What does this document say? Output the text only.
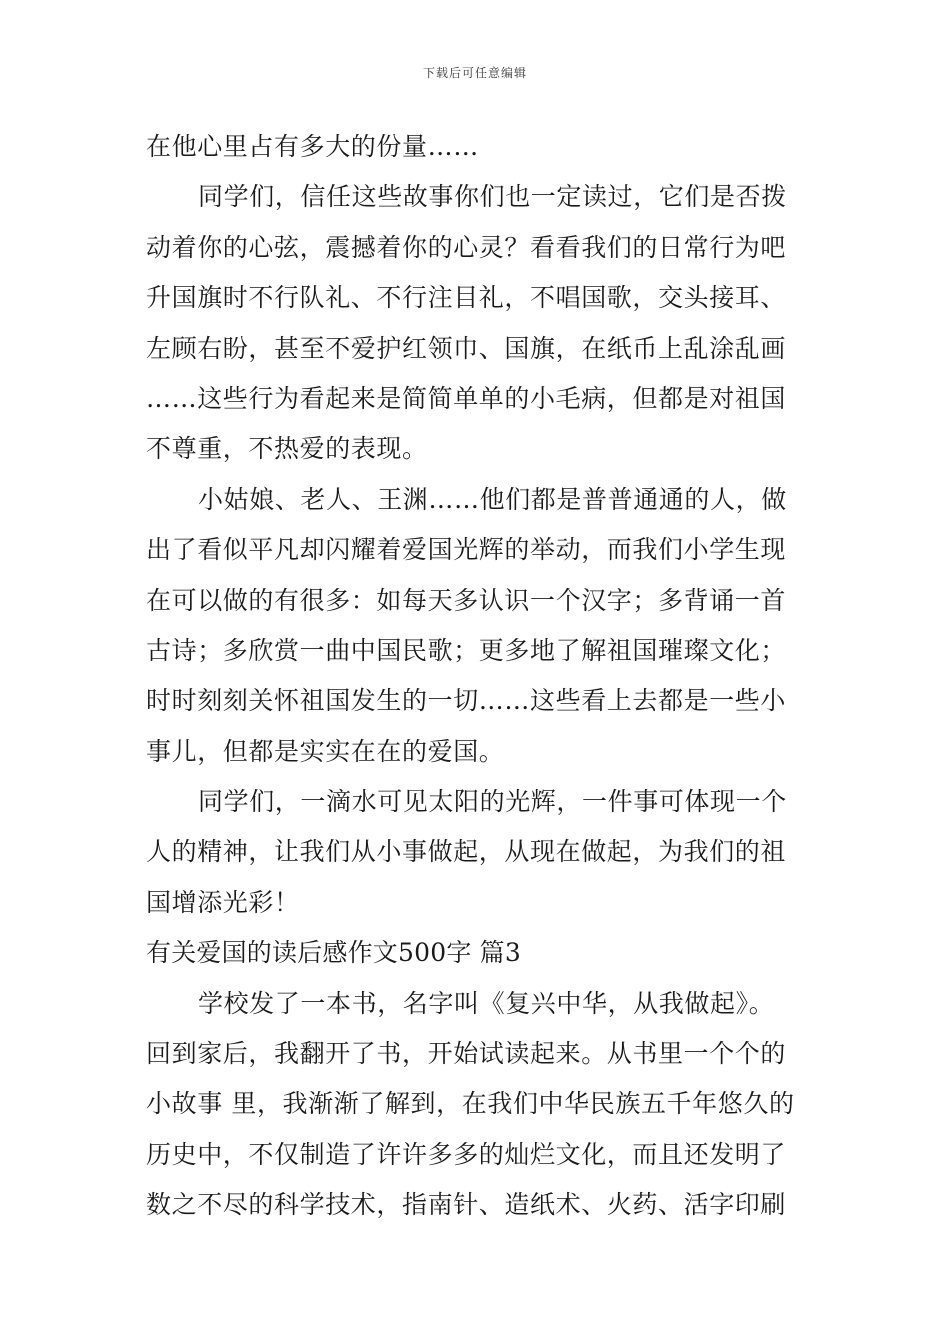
下载后可任意编辑
在他心里占有多大的份量……
同学们，信任这些故事你们也一定读过，它们是否拨
动着你的心弦，震撼着你的心灵？看看我们的日常行为吧
升国旗时不行队礼、不行注目礼，不唱国歌，交头接耳、
左顾右盼，甚至不爱护红领巾、国旗，在纸币上乱涂乱画
……这些行为看起来是简简单单的小毛病，但都是对祖国
不尊重，不热爱的表现。
小姑娘、老人、王渊……他们都是普普通通的人，做
出了看似平凡却闪耀着爱国光辉的举动，而我们小学生现
在可以做的有很多：如每天多认识一个汉字；多背诵一首
古诗；多欣赏一曲中国民歌；更多地了解祖国璀璨文化；
时时刻刻关怀祖国发生的一切……这些看上去都是一些小
事儿，但都是实实在在的爱国。
同学们，一滴水可见太阳的光辉，一件事可体现一个
人的精神，让我们从小事做起，从现在做起，为我们的祖
国增添光彩！
有关爱国的读后感作文500字 篇3
学校发了一本书，名字叫《复兴中华，从我做起》。
回到家后，我翻开了书，开始试读起来。从书里一个个的
小故事 里，我渐渐了解到，在我们中华民族五千年悠久的
历史中，不仅制造了许许多多的灿烂文化，而且还发明了
数之不尽的科学技术，指南针、造纸术、火药、活字印刷
